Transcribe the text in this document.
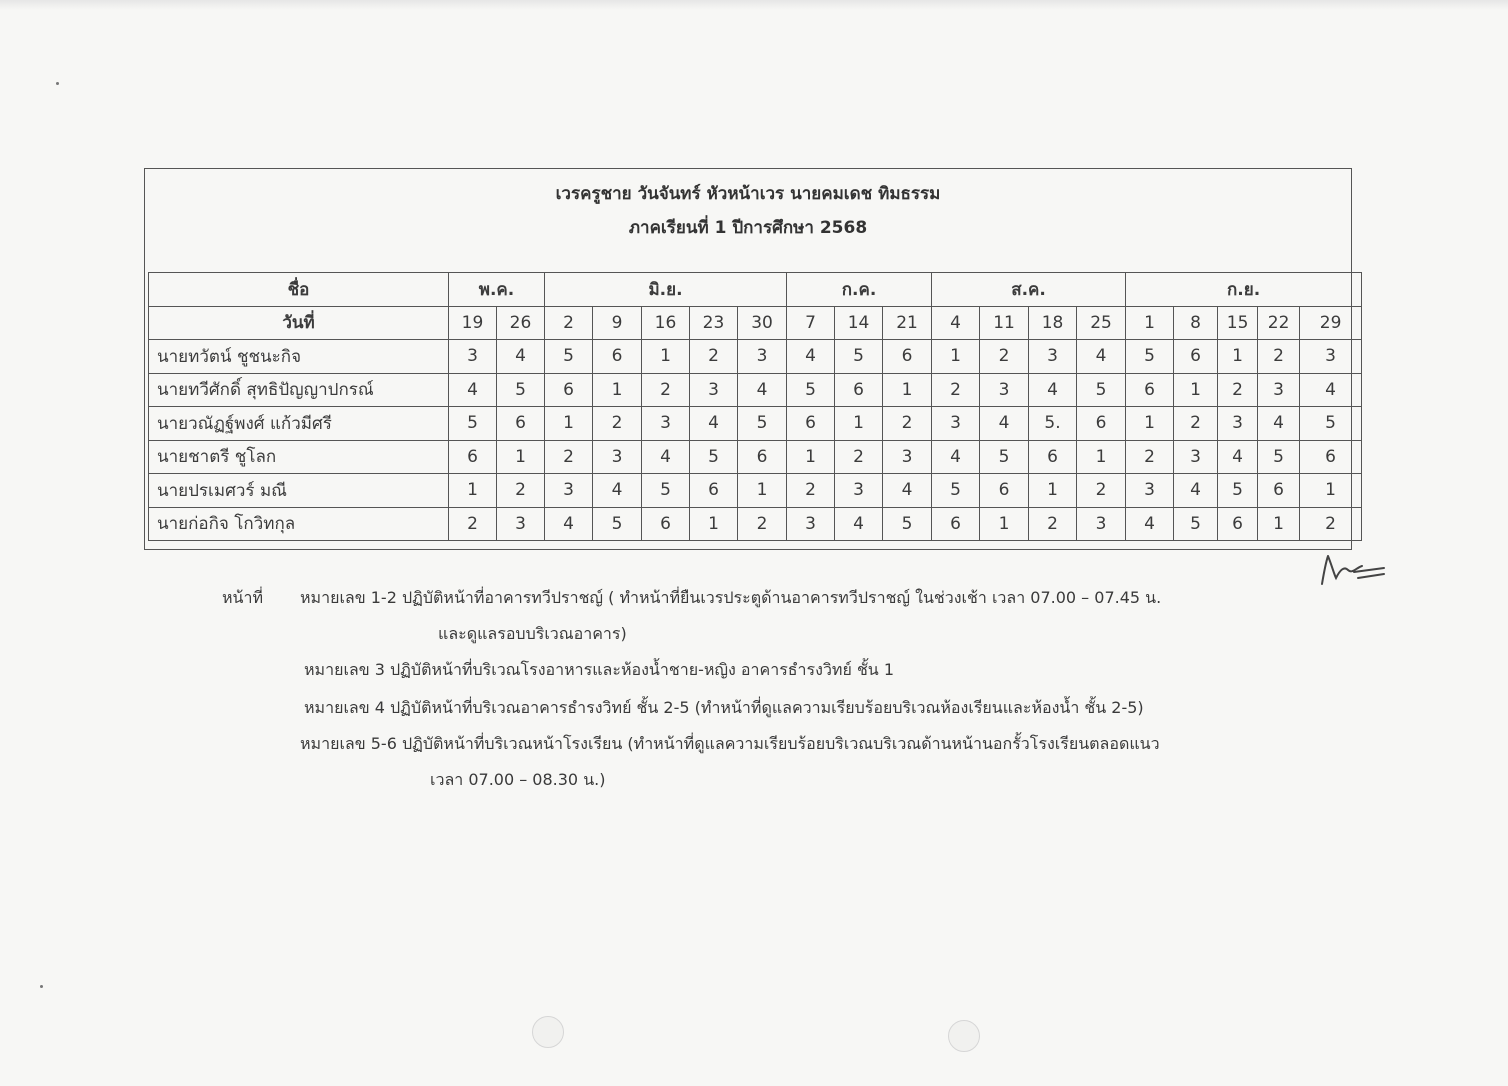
เวรครูชาย วันจันทร์ หัวหน้าเวร นายคมเดช ทิมธรรม
ภาคเรียนที่ 1 ปีการศึกษา 2568
ชื่อ	พ.ค.		มิ.ย.					ก.ค.			ส.ค.				ก.ย.				
วันที่	19	26	2	9	16	23	30	7	14	21	4	11	18	25	1	8	15	22	29
นายทวัตน์ ชูชนะกิจ	3	4	5	6	1	2	3	4	5	6	1	2	3	4	5	6	1	2	3
นายทวีศักดิ์ สุทธิปัญญาปกรณ์	4	5	6	1	2	3	4	5	6	1	2	3	4	5	6	1	2	3	4
นายวณัฏฐ์พงศ์ แก้วมีศรี	5	6	1	2	3	4	5	6	1	2	3	4	5.	6	1	2	3	4	5
นายชาตรี ชูโลก	6	1	2	3	4	5	6	1	2	3	4	5	6	1	2	3	4	5	6
นายปรเมศวร์ มณี	1	2	3	4	5	6	1	2	3	4	5	6	1	2	3	4	5	6	1
นายก่อกิจ โกวิทกุล	2	3	4	5	6	1	2	3	4	5	6	1	2	3	4	5	6	1	2
หน้าที่ หมายเลข 1-2 ปฏิบัติหน้าที่อาคารทวีปราชญ์ ( ทำหน้าที่ยืนเวรประตูด้านอาคารทวีปราชญ์ ในช่วงเช้า เวลา 07.00 – 07.45 น.
และดูแลรอบบริเวณอาคาร)
หมายเลข 3 ปฏิบัติหน้าที่บริเวณโรงอาหารและห้องน้ำชาย-หญิง อาคารธำรงวิทย์ ชั้น 1
หมายเลข 4 ปฏิบัติหน้าที่บริเวณอาคารธำรงวิทย์ ชั้น 2-5 (ทำหน้าที่ดูแลความเรียบร้อยบริเวณห้องเรียนและห้องน้ำ ชั้น 2-5)
หมายเลข 5-6 ปฏิบัติหน้าที่บริเวณหน้าโรงเรียน (ทำหน้าที่ดูแลความเรียบร้อยบริเวณบริเวณด้านหน้านอกรั้วโรงเรียนตลอดแนว
เวลา 07.00 – 08.30 น.)
